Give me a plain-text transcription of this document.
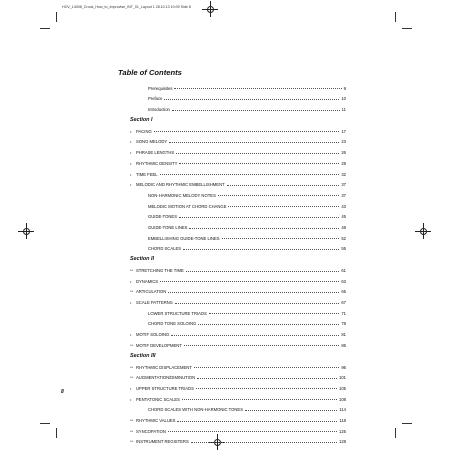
HOV_14008_Crook_How_to_Improvise_INT_01_Layout 1 28.10.13 10:09 Side 8
Table of Contents
Prerequisites	9
Preface	10
Introduction	11
Section I
•	PACING	17
•	SONG MELODY	23
•	PHRASE LENGTHS	26
•	RHYTHMIC DENSITY	29
•	TIME FEEL	32
•	MELODIC AND RHYTHMIC EMBELLISHMENT	37
NON-HARMONIC MELODY NOTES	37
MELODIC MOTION AT CHORD CHANGE	43
GUIDE-TONES	45
GUIDE-TONE LINES	48
EMBELLISHING GUIDE-TONE LINES	52
CHORD SCALES	55
Section II
** STRETCHING THE TIME	61
•	DYNAMICS	63
** ARTICULATION	65
•	SCALE PATTERNS	67
LOWER STRUCTURE TRIADS	71
CHORD TONE SOLOING	78
•	MOTIF SOLOING	81
** MOTIF DEVELOPMENT	86
Section III
** RHYTHMIC DISPLACEMENT	96
** AUGMENTATION/DIMINUTION	101
•	UPPER STRUCTURE TRIADS	105
•	PENTATONIC SCALES	108
CHORD SCALES WITH NON-HARMONIC TONES	114
** RHYTHMIC VALUES	118
** SYNCOPATION	125
** INSTRUMENT REGISTERS	128
8
